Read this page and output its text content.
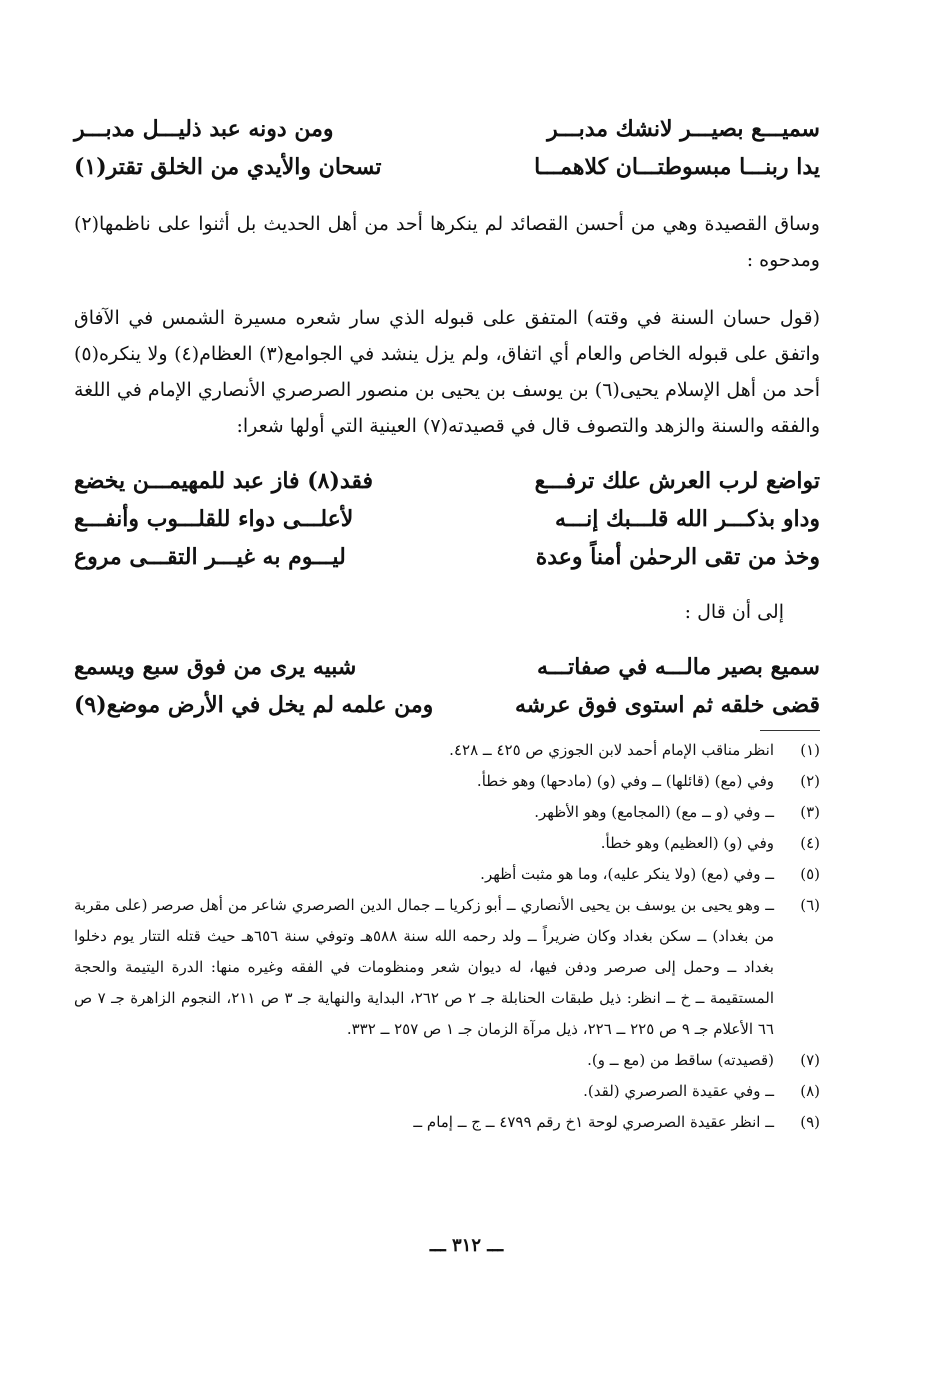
سميـــع بصيـــر لانشك مدبـــر
ومن دونه عبد ذليـــل مدبـــر
يدا ربنـــا مبسوطتـــان كلاهمـــا
تسحان والأيدي من الخلق تقتر(١)

وساق القصيدة وهي من أحسن القصائد لم ينكرها أحد من أهل الحديث بل أثنوا على ناظمها(٢) ومدحوه :

(قول حسان السنة في وقته) المتفق على قبوله الذي سار شعره مسيرة الشمس في الآفاق واتفق على قبوله الخاص والعام أي اتفاق، ولم يزل ينشد في الجوامع(٣) العظام(٤) ولا ينكره(٥) أحد من أهل الإسلام يحيى(٦) بن يوسف بن يحيى بن منصور الصرصري الأنصاري الإمام في اللغة والفقه والسنة والزهد والتصوف قال في قصيدته(٧) العينية التي أولها شعرا:

تواضع لرب العرش علك ترفـــع
فقد(٨) فاز عبد للمهيمـــن يخضع
وداو بذكـــر الله قلـــبك إنـــه
لأعلـــى دواء للقلـــوب وأنفـــع
وخذ من تقى الرحمٰن أمناً وعدة
ليـــوم به غيـــر التقـــى مروع

إلى أن قال :

سميع بصير مالـــه في صفاتـــه
شبيه يرى من فوق سبع ويسمع
قضى خلقه ثم استوى فوق عرشه
ومن علمه لم يخل في الأرض موضع(٩)
(١)
انظر مناقب الإمام أحمد لابن الجوزي ص ٤٢٥ ــ ٤٢٨.
(٢)
وفي (مع) (قائلها) ــ وفي (و) (مادحها) وهو خطأ.
(٣)
ــ وفي (و ــ مع) (المجامع) وهو الأظهر.
(٤)
وفي (و) (العظيم) وهو خطأ.
(٥)
ــ وفي (مع) (ولا ينكر عليه)، وما هو مثبت أظهر.
(٦)
ــ وهو يحيى بن يوسف بن يحيى الأنصاري ــ أبو زكريا ــ جمال الدين الصرصري شاعر من أهل صرصر (على مقربة من بغداد) ــ سكن بغداد وكان ضريراً ــ ولد رحمه الله سنة ٥٨٨هـ وتوفي سنة ٦٥٦هـ حيث قتله التتار يوم دخلوا بغداد ــ وحمل إلى صرصر ودفن فيها، له ديوان شعر ومنظومات في الفقه وغيره منها: الدرة اليتيمة والحجة المستقيمة ــ خ ــ انظر: ذيل طبقات الحنابلة جـ ٢ ص ٢٦٢، البداية والنهاية جـ ٣ ص ٢١١، النجوم الزاهرة جـ ٧ ص ٦٦ الأعلام جـ ٩ ص ٢٢٥ ــ ٢٢٦، ذيل مرآة الزمان جـ ١ ص ٢٥٧ ــ ٣٣٢.
(٧)
(قصيدته) ساقط من (مع ــ و).
(٨)
ــ وفي عقيدة الصرصري (لقد).
(٩)
ــ انظر عقيدة الصرصري لوحة ١خ رقم ٤٧٩٩ ــ ج ــ إمام ــ
ـــ ٣١٢ ـــ
